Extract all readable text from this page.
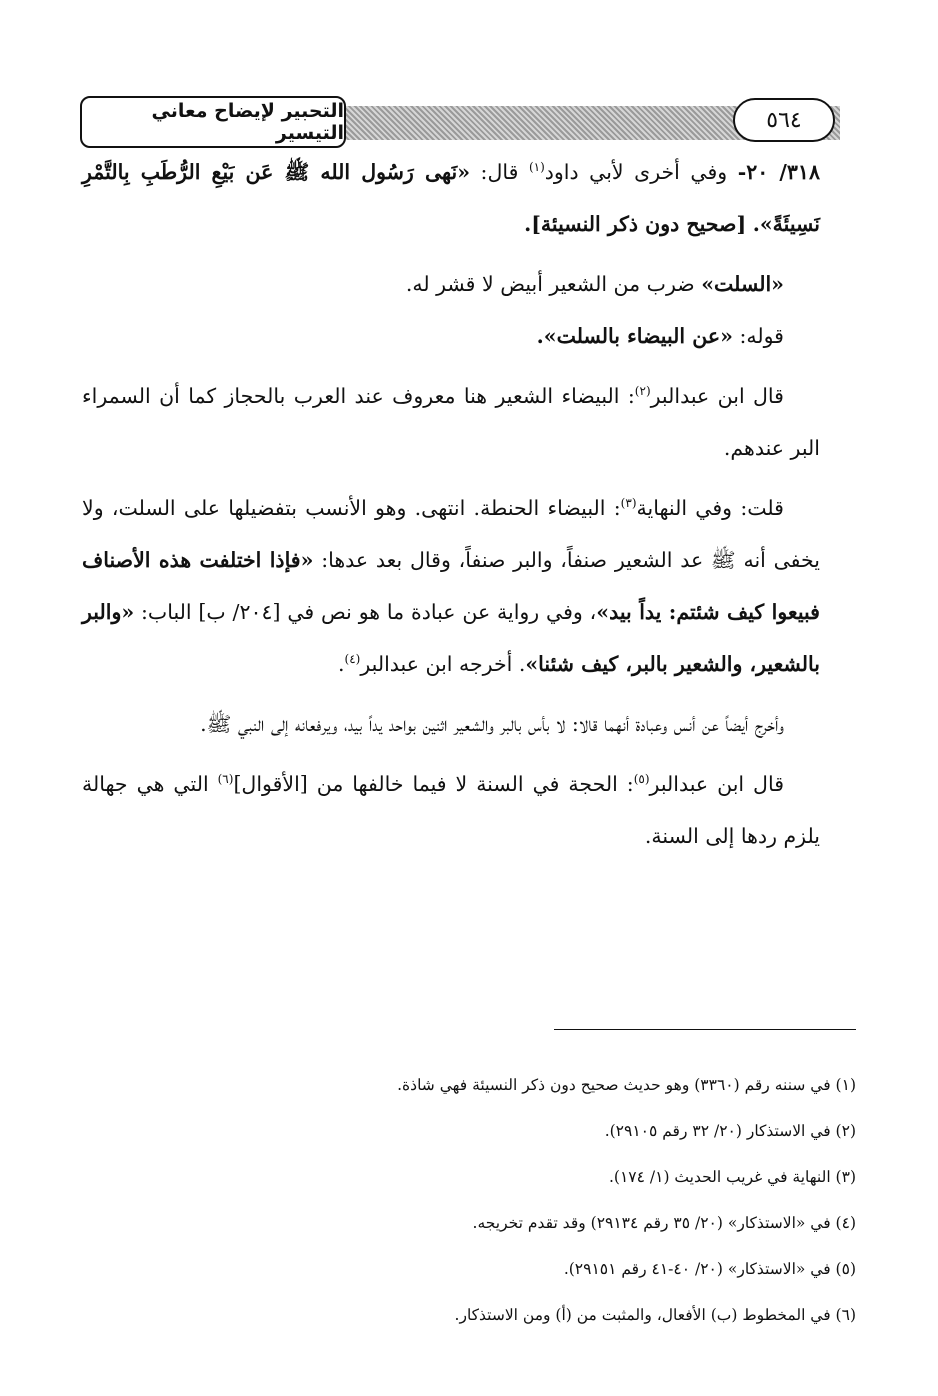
٥٦٤
التحبير لإيضاح معاني التيسير

٣١٨/ ٢٠- وفي أخرى لأبي داود$^{(١)}$ قال: «نَهى رَسُول الله ﷺ عَن بَيْعِ الرُّطَبِ بِالتَّمْرِ نَسِيئَةً». [صحيح دون ذكر النسيئة].

«السلت» ضرب من الشعير أبيض لا قشر له.

قوله: «عن البيضاء بالسلت».

قال ابن عبدالبر$^{(٢)}$: البيضاء الشعير هنا معروف عند العرب بالحجاز كما أن السمراء البر عندهم.

قلت: وفي النهاية$^{(٣)}$: البيضاء الحنطة. انتهى. وهو الأنسب بتفضيلها على السلت، ولا يخفى أنه ﷺ عد الشعير صنفاً، والبر صنفاً، وقال بعد عدها: «فإذا اختلفت هذه الأصناف فبيعوا كيف شئتم: يداً بيد»، وفي رواية عن عبادة ما هو نص في [٢٠٤/ ب] الباب: «والبر بالشعير، والشعير بالبر، كيف شئنا». أخرجه ابن عبدالبر$^{(٤)}$.

وأخرج أيضاً عن أنس وعبادة أنهما قالا: لا بأس بالبر والشعير اثنين بواحد يداً بيد، ويرفعانه إلى النبي ﷺ.

قال ابن عبدالبر$^{(٥)}$: الحجة في السنة لا فيما خالفها من [الأقوال]$^{(٦)}$ التي هي جهالة يلزم ردها إلى السنة.

(١) في سننه رقم (٣٣٦٠) وهو حديث صحيح دون ذكر النسيئة فهي شاذة.

(٢) في الاستذكار (٢٠/ ٣٢ رقم ٢٩١٠٥).

(٣) النهاية في غريب الحديث (١/ ١٧٤).

(٤) في «الاستذكار» (٢٠/ ٣٥ رقم ٢٩١٣٤) وقد تقدم تخريجه.

(٥) في «الاستذكار» (٢٠/ ٤٠-٤١ رقم ٢٩١٥١).

(٦) في المخطوط (ب) الأفعال، والمثبت من (أ) ومن الاستذكار.
